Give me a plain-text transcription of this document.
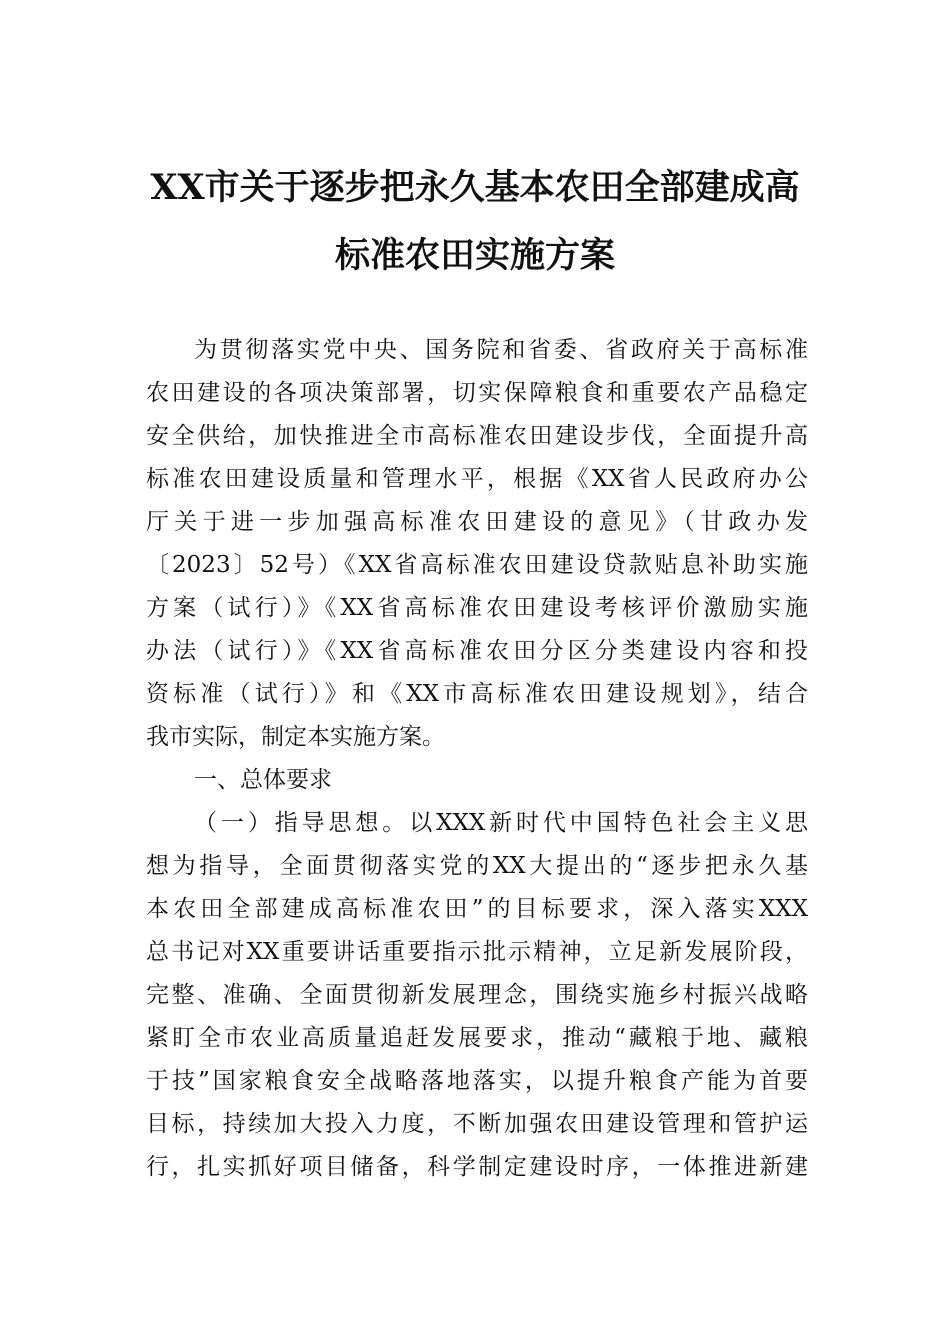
XX市关于逐步把永久基本农田全部建成高
标准农田实施方案
为贯彻落实党中央、国务院和省委、省政府关于高标准
农田建设的各项决策部署，切实保障粮食和重要农产品稳定
安全供给，加快推进全市高标准农田建设步伐，全面提升高
标准农田建设质量和管理水平，根据《XX省人民政府办公
厅关于进一步加强高标准农田建设的意见》（甘政办发
〔2023〕52号）《XX省高标准农田建设贷款贴息补助实施
方案（试行）》《XX省高标准农田建设考核评价激励实施
办法（试行）》《XX省高标准农田分区分类建设内容和投
资标准（试行）》和《XX市高标准农田建设规划》，结合
我市实际，制定本实施方案。
一、总体要求
（一）指导思想。以XXX新时代中国特色社会主义思
想为指导，全面贯彻落实党的XX大提出的“逐步把永久基
本农田全部建成高标准农田”的目标要求，深入落实XXX
总书记对XX重要讲话重要指示批示精神，立足新发展阶段，
完整、准确、全面贯彻新发展理念，围绕实施乡村振兴战略
紧盯全市农业高质量追赶发展要求，推动“藏粮于地、藏粮
于技”国家粮食安全战略落地落实，以提升粮食产能为首要
目标，持续加大投入力度，不断加强农田建设管理和管护运
行，扎实抓好项目储备，科学制定建设时序，一体推进新建
